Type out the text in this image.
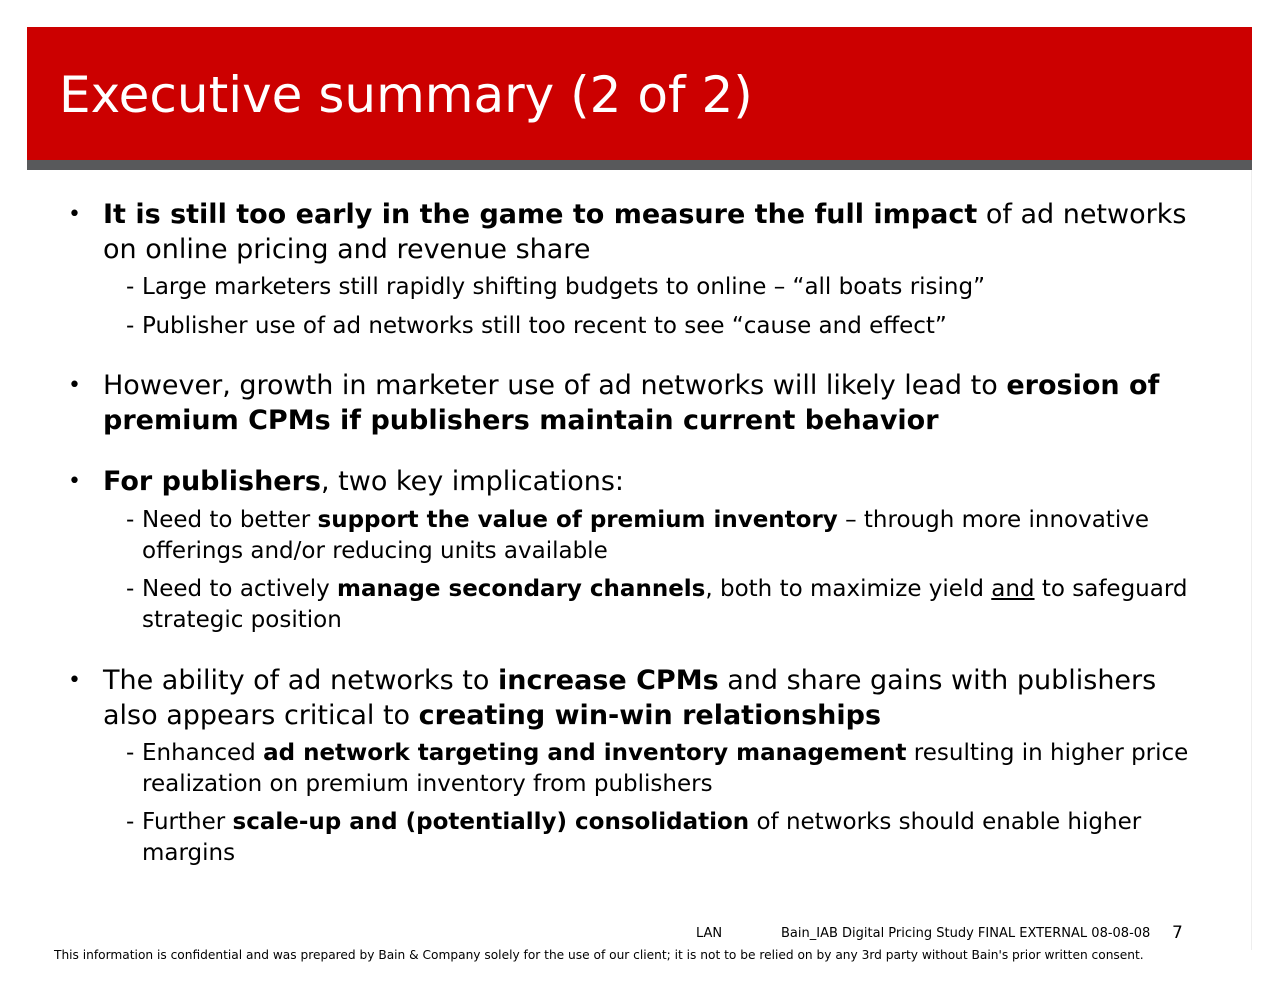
Executive summary (2 of 2)
• It is still too early in the game to measure the full impact of ad networks on online pricing and revenue share
- Large marketers still rapidly shifting budgets to online – “all boats rising”
- Publisher use of ad networks still too recent to see “cause and effect”
• However, growth in marketer use of ad networks will likely lead to erosion of premium CPMs if publishers maintain current behavior
• For publishers, two key implications:
- Need to better support the value of premium inventory – through more innovative offerings and/or reducing units available
- Need to actively manage secondary channels, both to maximize yield and to safeguard strategic position
• The ability of ad networks to increase CPMs and share gains with publishers also appears critical to creating win-win relationships
- Enhanced ad network targeting and inventory management resulting in higher price realization on premium inventory from publishers
- Further scale-up and (potentially) consolidation of networks should enable higher margins
LAN	Bain_IAB Digital Pricing Study FINAL EXTERNAL 08-08-08 7
This information is confidential and was prepared by Bain & Company solely for the use of our client; it is not to be relied on by any 3rd party without Bain's prior written consent.
